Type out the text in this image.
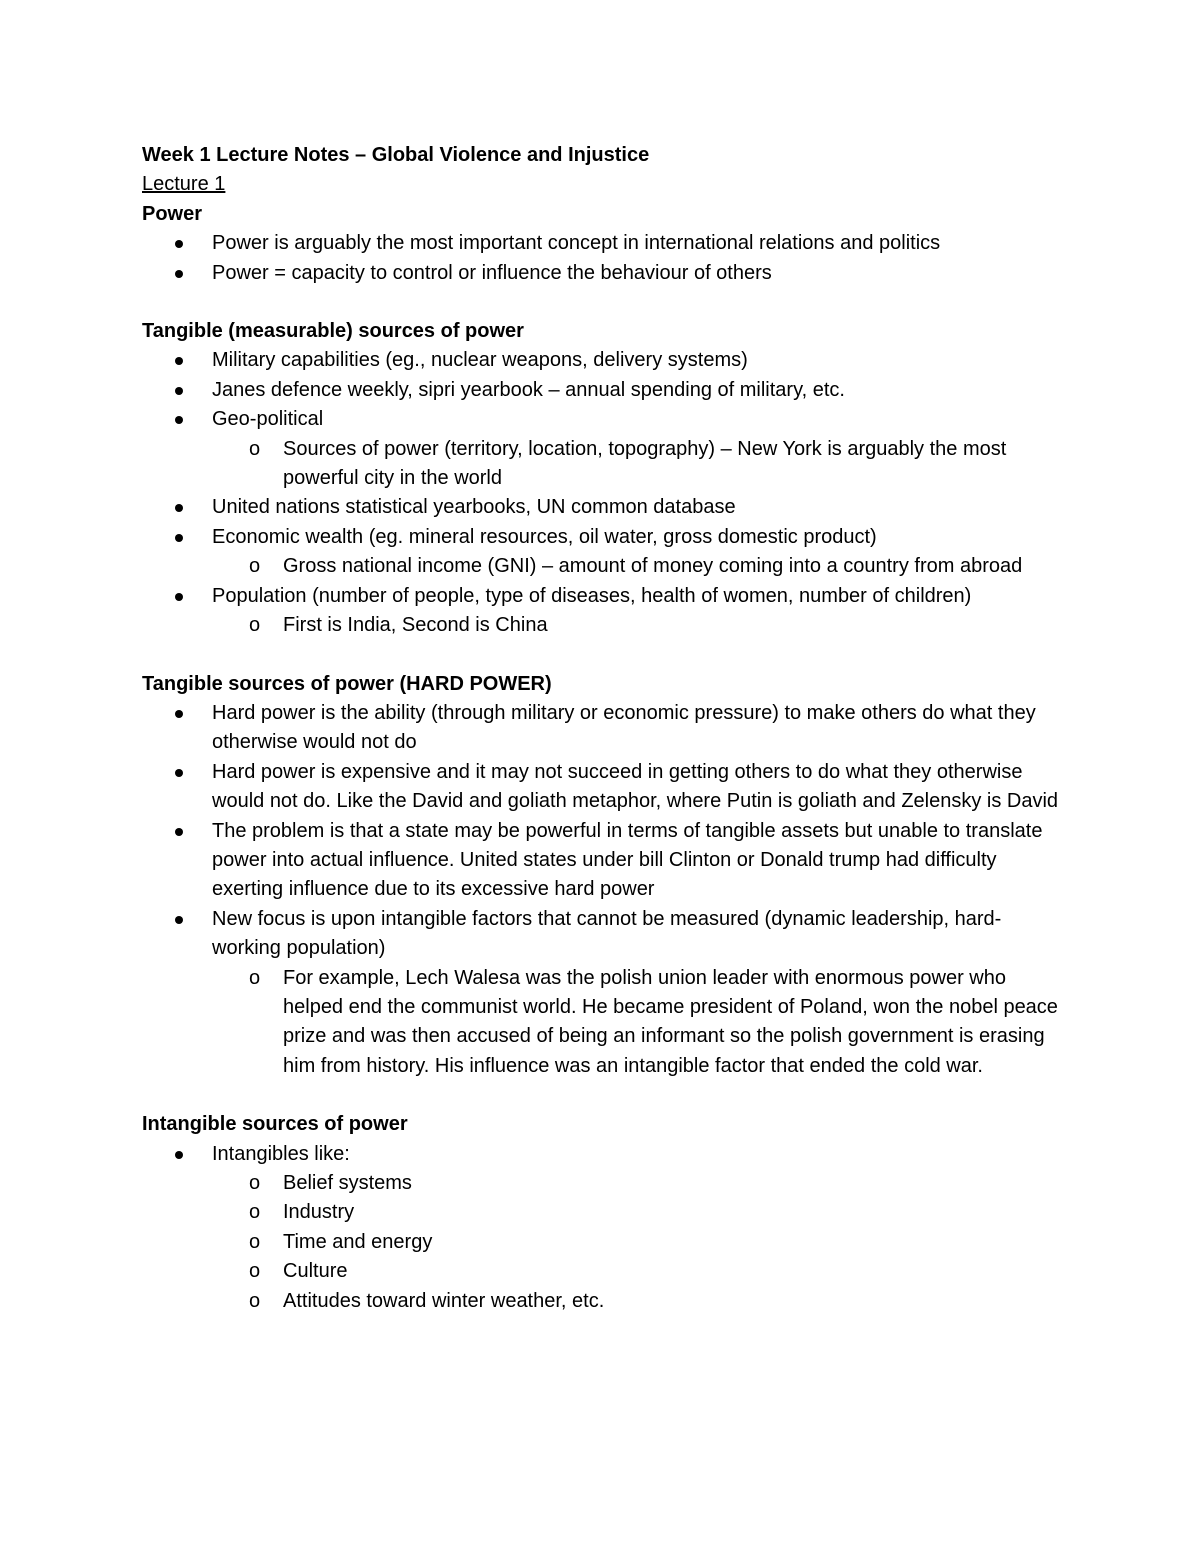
Week 1 Lecture Notes – Global Violence and Injustice

Lecture 1

Power

Power is arguably the most important concept in international relations and politics
Power = capacity to control or influence the behaviour of others

Tangible (measurable) sources of power

Military capabilities (eg., nuclear weapons, delivery systems)
Janes defence weekly, sipri yearbook – annual spending of military, etc.
Geo-political
o Sources of power (territory, location, topography) – New York is arguably the most powerful city in the world
United nations statistical yearbooks, UN common database
Economic wealth (eg. mineral resources, oil water, gross domestic product)
o Gross national income (GNI) – amount of money coming into a country from abroad
Population (number of people, type of diseases, health of women, number of children)
o First is India, Second is China

Tangible sources of power (HARD POWER)

Hard power is the ability (through military or economic pressure) to make others do what they otherwise would not do
Hard power is expensive and it may not succeed in getting others to do what they otherwise would not do. Like the David and goliath metaphor, where Putin is goliath and Zelensky is David
The problem is that a state may be powerful in terms of tangible assets but unable to translate power into actual influence. United states under bill Clinton or Donald trump had difficulty exerting influence due to its excessive hard power
New focus is upon intangible factors that cannot be measured (dynamic leadership, hard-working population)
o For example, Lech Walesa was the polish union leader with enormous power who helped end the communist world. He became president of Poland, won the nobel peace prize and was then accused of being an informant so the polish government is erasing him from history. His influence was an intangible factor that ended the cold war.

Intangible sources of power

Intangibles like:
o Belief systems
o Industry
o Time and energy
o Culture
o Attitudes toward winter weather, etc.
